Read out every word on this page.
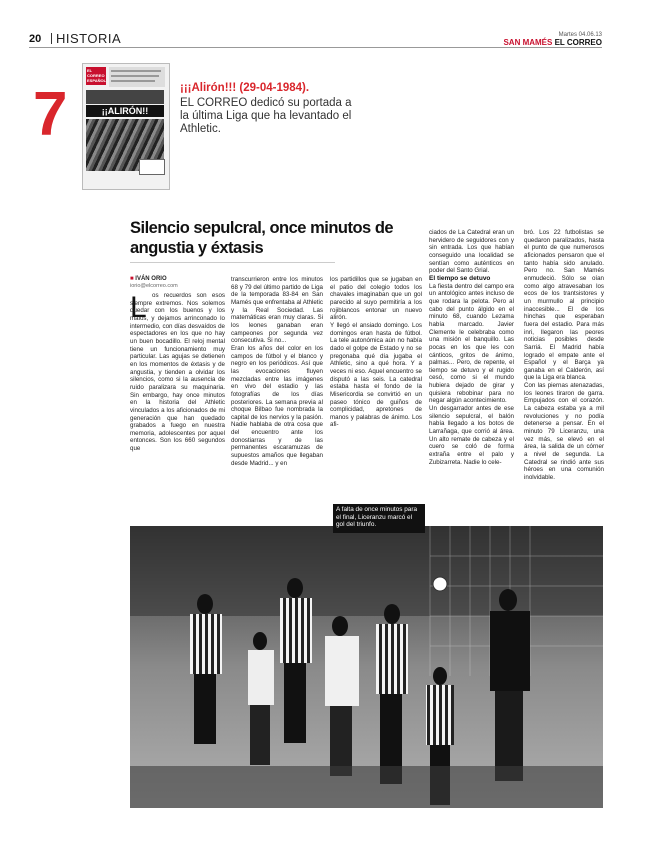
20 HISTORIA	Martes 04.06.13
SAN MAMÉS EL CORREO
7
EL CORREO ESPAÑOL
¡¡ALIRÓN!!
¡¡¡Alirón!!! (29-04-1984).
EL CORREO dedicó su portada a la última Liga que ha levantado el Athletic.
Silencio sepulcral, once minutos de angustia y éxtasis
■ IVÁN ORIO
iorio@elcorreo.com
L os recuerdos son esos siempre extremos. Nos solemos quedar con los buenos y los malos, y dejamos arrinconado lo intermedio, con días desvaídos de espectadores en los que no hay un buen bocadillo. El reloj mental tiene un funcionamiento muy particular. Las agujas se detienen en los momentos de éxtasis y de angustia, y tienden a olvidar los silencios, como si la ausencia de ruido paralizara su maquinaria. Sin embargo, hay once minutos en la historia del Athletic vinculados a los aficionados de mi generación que han quedado grabados a fuego en nuestra memoria, adolescentes por aquel entonces. Son los 660 segundos que

transcurrieron entre los minutos 68 y 79 del último partido de Liga de la temporada 83-84 en San Mamés que enfrentaba al Athletic y la Real Sociedad. Las matemáticas eran muy claras. Si los leones ganaban eran campeones por segunda vez consecutiva. Si no...
Eran los años del color en los campos de fútbol y el blanco y negro en los periódicos. Así que las evocaciones fluyen mezcladas entre las imágenes en vivo del estadio y las fotografías de los días posteriores. La semana previa al choque Bilbao fue nombrada la capital de los nervios y la pasión. Nadie hablaba de otra cosa que del encuentro ante los donostiarras y de las permanentes escaramuzas de supuestos amaños que llegaban desde Madrid... y en

los partidillos que se jugaban en el patio del colegio todos los chavales imaginaban que un gol parecido al suyo permitiría a los rojiblancos entonar un nuevo alirón.
Y llegó el ansiado domingo. Los domingos eran hasta de fútbol. La tele autonómica aún no había dado el golpe de Estado y no se pregonaba qué día jugaba el Athletic, sino a qué hora. Y a veces ni eso. Aquel encuentro se disputó a las seis. La catedral estaba hasta el fondo de la Misericordia se convirtió en un paseo tónico de guiños de complicidad, apretones de manos y palabras de ánimo. Los afi-

ciados de La Catedral eran un hervidero de seguidores con y sin entrada. Los que habían conseguido una localidad se sentían como auténticos en poder del Santo Grial.

El tiempo se detuvo

La fiesta dentro del campo era un antológico antes incluso de que rodara la pelota. Pero al cabo del punto álgido en el minuto 68, cuando Lezama había marcado. Javier Clemente le celebraba como una misión el banquillo. Las pocas en los que les con cánticos, gritos de ánimo, palmas... Pero, de repente, el tiempo se detuvo y el rugido cesó, como si el mundo hubiera dejado de girar y quisiera rebobinar para no negar algún acontecimiento.
Un desgarrador antes de ese silencio sepulcral, el balón había llegado a los botos de Larrañaga, que corrió al área. Un alto remate de cabeza y el cuero se coló de forma extraña entre el palo y Zubizarreta. Nadie lo cele-

bró. Los 22 futbolistas se quedaron paralizados, hasta el punto de que numerosos aficionados pensaron que el tanto había sido anulado. Pero no. San Mamés enmudeció. Sólo se oían como algo atravesaban los ecos de los trantsistores y un murmullo al principio inaccesible... El de los hinchas que esperaban fuera del estadio. Para más inri, llegaron las peores noticias posibles desde Sarriá. El Madrid había logrado el empate ante el Español y el Barça ya ganaba en el Calderón, así que la Liga era blanca.
Con las piernas atenazadas, los leones tiraron de garra. Empujados con el corazón. La cabeza estaba ya a mil revoluciones y no podía detenerse a pensar. En el minuto 79 Liceranzu, una vez más, se elevó en el área, la salida de un córner a nivel de segunda. La Catedral se rindió ante sus héroes en una comunión inolvidable.

A falta de once minutos para el final, Liceranzu marcó el gol del triunfo.
